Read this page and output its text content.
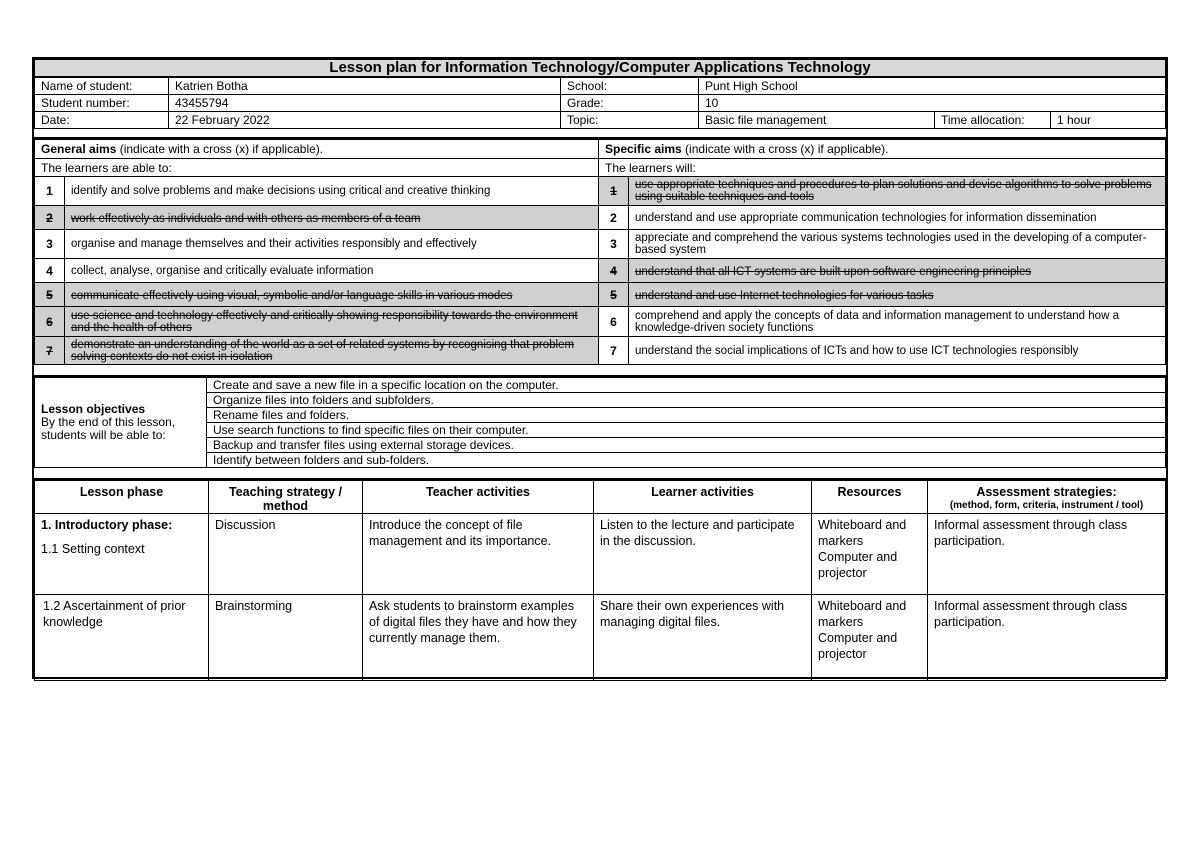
Lesson plan for Information Technology/Computer Applications Technology					
Name of student:	Katrien Botha	School:	Punt High School		
Student number:	43455794	Grade:	10		
Date:	22 February 2022	Topic:	Basic file management	Time allocation:	1 hour
General aims (indicate with a cross (x) if applicable).		Specific aims (indicate with a cross (x) if applicable).	
The learners are able to:		The learners will:	
1	identify and solve problems and make decisions using critical and creative thinking	1	use appropriate techniques and procedures to plan solutions and devise algorithms to solve problems using suitable techniques and tools

2	work effectively as individuals and with others as members of a team	2	understand and use appropriate communication technologies for information dissemination
3	organise and manage themselves and their activities responsibly and effectively	3	appreciate and comprehend the various systems technologies used in the developing of a computer-based system

4	collect, analyse, organise and critically evaluate information	4	understand that all ICT systems are built upon software engineering principles
5	communicate effectively using visual, symbolic and/or language skills in various modes	5	understand and use Internet technologies for various tasks
6	use science and technology effectively and critically showing responsibility towards the environment and the health of others	6	comprehend and apply the concepts of data and information management to understand how a knowledge-driven society functions

7	demonstrate an understanding of the world as a set of related systems by recognising that problem solving contexts do not exist in isolation	7	understand the social implications of ICTs and how to use ICT technologies responsibly
Lesson objectives
By the end of this lesson, students will be able to:	Create and save a new file in a specific location on the computer.
Organize files into folders and subfolders.
Rename files and folders.
Use search functions to find specific files on their computer.
Backup and transfer files using external storage devices.
Identify between folders and sub-folders.
Lesson phase	Teaching strategy / method	Teacher activities	Learner activities	Resources	Assessment strategies:
(method, form, criteria, instrument / tool)

1. Introductory phase:
1.1 Setting context	Discussion	Introduce the concept of file management and its importance.	Listen to the lecture and participate in the discussion.	Whiteboard and markers Computer and projector	Informal assessment through class participation.

1.2 Ascertainment of prior knowledge	Brainstorming	Ask students to brainstorm examples of digital files they have and how they currently manage them.	Share their own experiences with managing digital files.	Whiteboard and markers Computer and projector	Informal assessment through class participation.
